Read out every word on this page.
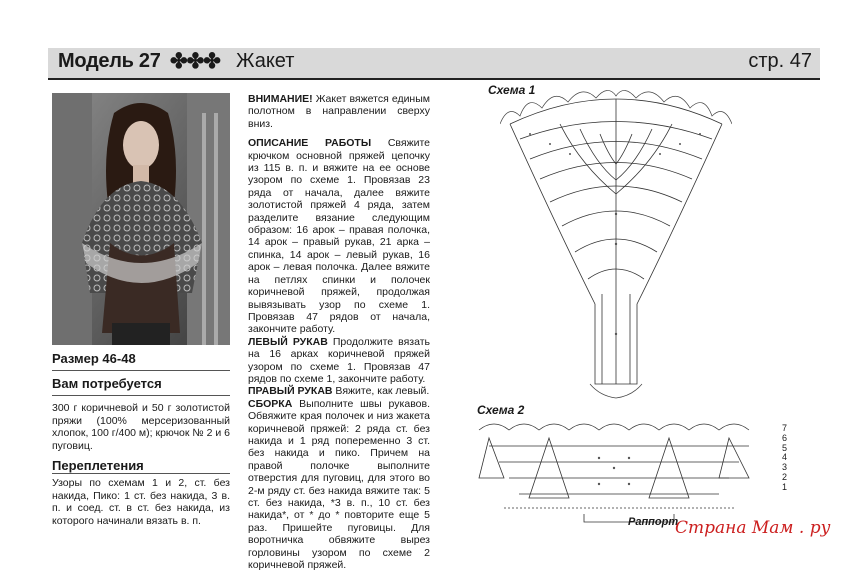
Модель 27 ✤✤✤ Жакет	стр. 47
Размер 46-48
Вам потребуется
300 г коричневой и 50 г золотистой пряжи (100% мерсеризованный хлопок, 100 г/400 м); крючок № 2 и 6 пуговиц.
Переплетения
Узоры по схемам 1 и 2, ст. без накида, Пико: 1 ст. без накида, 3 в. п. и соед. ст. в ст. без накида, из которого начинали вязать в. п.

ВНИМАНИЕ! Жакет вяжется единым полотном в направлении сверху вниз.

ОПИСАНИЕ РАБОТЫ Свяжите крючком основной пряжей цепочку из 115 в. п. и вяжите на ее основе узором по схеме 1. Провязав 23 ряда от начала, далее вяжите золотистой пряжей 4 ряда, затем разделите вязание следующим образом: 16 арок – правая полочка, 14 арок – правый рукав, 21 арка – спинка, 14 арок – левый рукав, 16 арок – левая полочка. Далее вяжите на петлях спинки и полочек коричневой пряжей, продолжая вывязывать узор по схеме 1. Провязав 47 рядов от начала, закончите работу.

ЛЕВЫЙ РУКАВ Продолжите вязать на 16 арках коричневой пряжей узором по схеме 1. Провязав 47 рядов по схеме 1, закончите работу.

ПРАВЫЙ РУКАВ Вяжите, как левый.

СБОРКА Выполните швы рукавов. Обвяжите края полочек и низ жакета коричневой пряжей: 2 ряда ст. без накида и 1 ряд попеременно 3 ст. без накида и пико. Причем на правой полочке выполните отверстия для пуговиц, для этого во 2-м ряду ст. без накида вяжите так: 5 ст. без накида, *3 в. п., 10 ст. без накида*, от * до * повторите еще 5 раз. Пришейте пуговицы. Для воротничка обвяжите вырез горловины узором по схеме 2 коричневой пряжей.

Схема 1
Схема 2
7
6
5
4
3
2
1
Раппорт
Страна Мам . ру
